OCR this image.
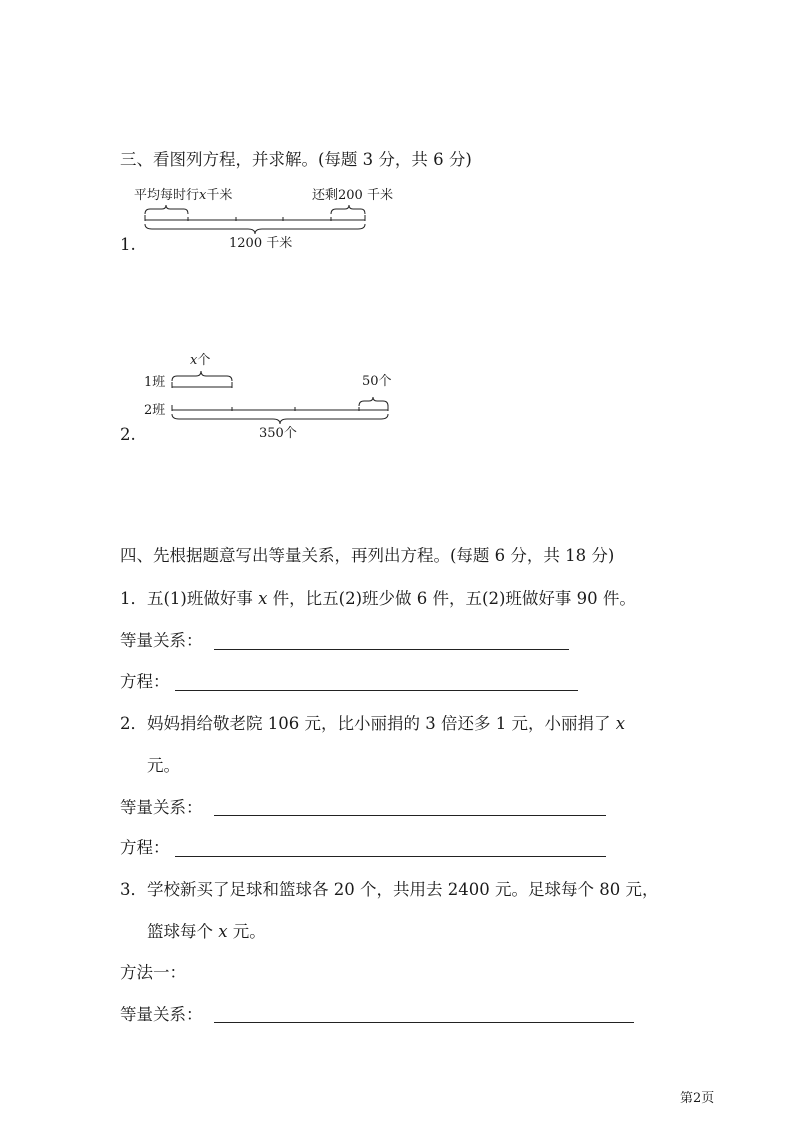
三、看图列方程，并求解。(每题 3 分，共 6 分)
平均每时行x千米	还剩200 千米
1200 千米
1.
x个
1班	50个
2班
350个
2.
四、先根据题意写出等量关系，再列出方程。(每题 6 分，共 18 分)
1．五(1)班做好事 x 件，比五(2)班少做 6 件，五(2)班做好事 90 件。
等量关系：
方程：
2．妈妈捐给敬老院 106 元，比小丽捐的 3 倍还多 1 元，小丽捐了 x
元。
等量关系：
方程：
3．学校新买了足球和篮球各 20 个，共用去 2400 元。足球每个 80 元，
篮球每个 x 元。
方法一：
等量关系：
第2页
